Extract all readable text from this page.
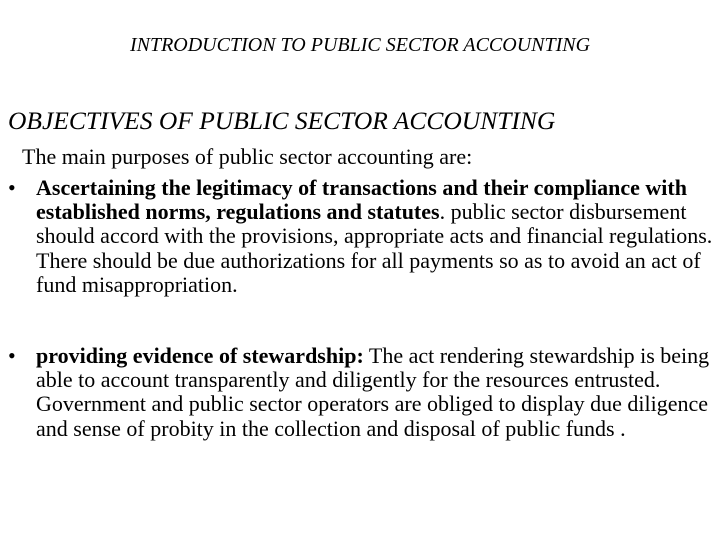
INTRODUCTION TO PUBLIC SECTOR ACCOUNTING
OBJECTIVES OF PUBLIC SECTOR ACCOUNTING
The main purposes of public sector accounting are:
• Ascertaining the legitimacy of transactions and their compliance with established norms, regulations and statutes. public sector disbursement should accord with the provisions, appropriate acts and financial regulations. There should be due authorizations for all payments so as to avoid an act of fund misappropriation.
• providing evidence of stewardship: The act rendering stewardship is being able to account transparently and diligently for the resources entrusted. Government and public sector operators are obliged to display due diligence and sense of probity in the collection and disposal of public funds .
